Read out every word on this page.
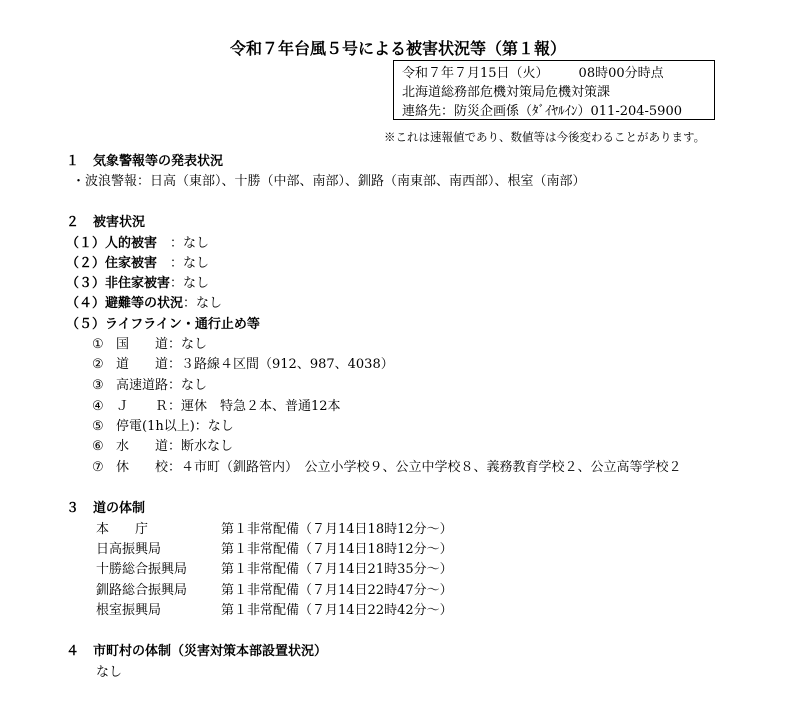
令和７年台風５号による被害状況等（第１報）
令和７年７月15日（火） 08時00分時点
北海道総務部危機対策局危機対策課
連絡先：防災企画係（ﾀﾞｲﾔﾙｲﾝ）011-204-5900
※これは速報値であり、数値等は今後変わることがあります。
１ 気象警報等の発表状況
・波浪警報：日高（東部）、十勝（中部、南部）、釧路（南東部、南西部）、根室（南部）
２ 被害状況
（１）人的被害　：なし
（２）住家被害　：なし
（３）非住家被害：なし
（４）避難等の状況：なし
（５）ライフライン・通行止め等
① 国　　道：なし
② 道　　道：３路線４区間（912、987、4038）
③ 高速道路：なし
④ Ｊ　　Ｒ：運休　特急２本、普通12本
⑤ 停電(1h以上)：なし
⑥ 水　　道：断水なし
⑦ 休　　校：４市町（釧路管内）　公立小学校９、公立中学校８、義務教育学校２、公立高等学校２
３ 道の体制
本　　庁	第１非常配備（７月14日18時12分～）
日高振興局	第１非常配備（７月14日18時12分～）
十勝総合振興局	第１非常配備（７月14日21時35分～）
釧路総合振興局	第１非常配備（７月14日22時47分～）
根室振興局	第１非常配備（７月14日22時42分～）
４ 市町村の体制（災害対策本部設置状況）
なし
